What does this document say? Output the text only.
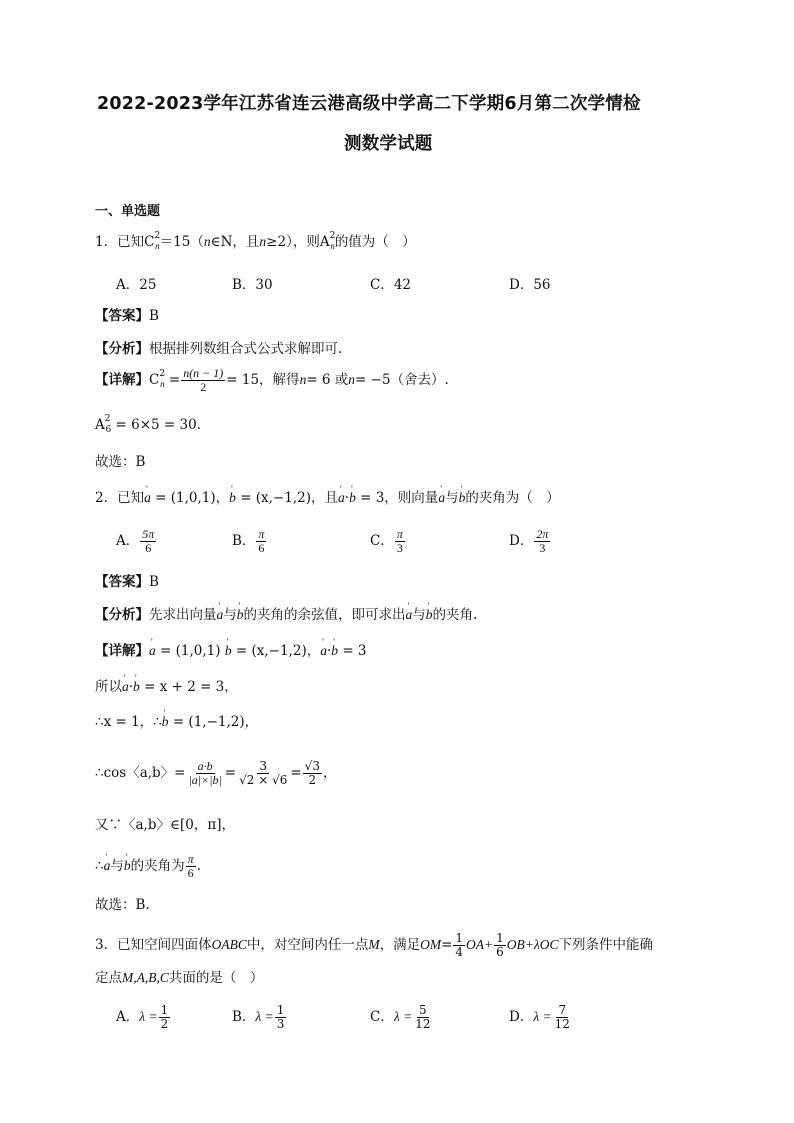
2022-2023学年江苏省连云港高级中学高二下学期6月第二次学情检
测数学试题
一、单选题
1．已知$C^2_n=15(n\in N$，且n≥2），则$A^2_n$的值为（　）
A．25	B．30	C．42	D．56
【答案】B
【分析】根据排列数组合式公式求解即可.
【详解】$C^2_n = \frac{n(n - 1)}{2} = 15$，解得n= 6 或n= −5（舍去）.
$A^2_6 = 6\times 5 = 30$.
故选：B
2．已知' a = (1,0,1)，' b = (x,−1,2)，且' a·' b = 3，则向量' a与' b的夹角为（　）
A． $\frac{5\pi}{6}$	B． $\frac{\pi}{6}$	C． $\frac{\pi}{3}$	D． $\frac{2\pi}{3}$
【答案】B
【分析】先求出向量' a与' b的夹角的余弦值，即可求出' a与' b的夹角.
【详解】' a = (1,0,1) ' b = (x,−1,2)，' a·' b = 3
所以' a·' b = x + 2 = 3，
∴x = 1，∴' b = (1,−1,2)，
∴cos〈a,b〉= $\frac{a\cdot b}{|a|\times|b|} = \frac{3}{√2 \times √6} = \frac{√3}{2}$ ，
又∵〈a,b〉∈[0，π]，
∴' a与' b的夹角为 $\frac{\pi}{6}$ .
故选：B.
3．已知空间四面体OABC中，对空间内任一点M，满足$OM= \frac{1}{4} OA+ \frac{1}{6} OB+\lambda OC$下列条件中能确
定点M,A,B,C共面的是（　）
A．$\lambda = \frac{1}{2}$	B．$\lambda = \frac{1}{3}$	C．$\lambda = \frac{5}{12}$	D．$\lambda = \frac{7}{12}$
